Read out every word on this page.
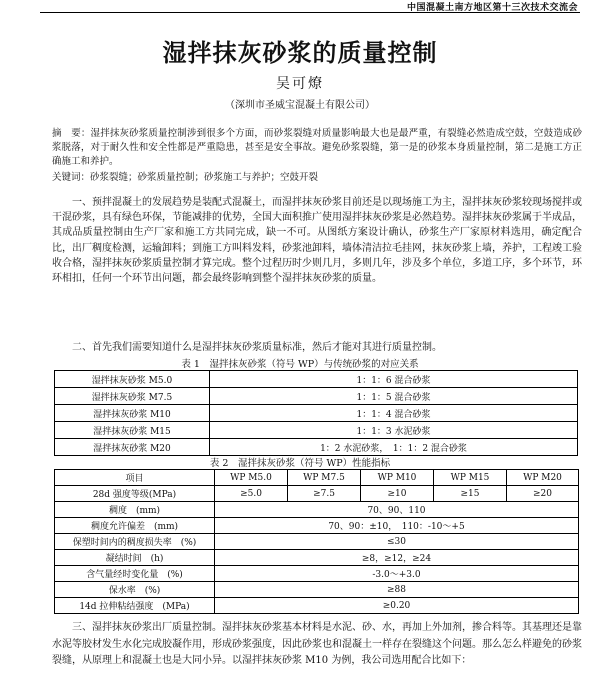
中国混凝土南方地区第十三次技术交流会
湿拌抹灰砂浆的质量控制
吴可燎
（深圳市圣威宝混凝土有限公司）

摘　要：湿拌抹灰砂浆质量控制涉到很多个方面，而砂浆裂缝对质量影响最大也是最严重，有裂缝必然造成空鼓，空鼓造成砂浆脱落，对于耐久性和安全性都是严重隐患，甚至是安全事故。避免砂浆裂缝，第一是的砂浆本身质量控制，第二是施工方正确施工和养护。

关键词：砂浆裂缝；砂浆质量控制；砂浆施工与养护；空鼓开裂

一、预拌混凝土的发展趋势是装配式混凝土，而湿拌抹灰砂浆目前还是以现场施工为主，湿拌抹灰砂浆较现场搅拌或干混砂浆，具有绿色环保，节能减排的优势，全国大面积推广使用湿拌抹灰砂浆是必然趋势。湿拌抹灰砂浆属于半成品，其成品质量控制由生产厂家和施工方共同完成，缺一不可。从图纸方案设计确认，砂浆生产厂家原材料选用，确定配合比，出厂稠度检测，运输卸料；到施工方叫料发料，砂浆池卸料，墙体清洁拉毛挂网，抹灰砂浆上墙，养护，工程竣工验收合格，湿拌抹灰砂浆质量控制才算完成。整个过程历时少则几月，多则几年，涉及多个单位，多道工序，多个环节，环环相扣，任何一个环节出问题，都会最终影响到整个湿拌抹灰砂浆的质量。

二、首先我们需要知道什么是湿拌抹灰砂浆质量标准，然后才能对其进行质量控制。

表 1　湿拌抹灰砂浆（符号 WP）与传统砂浆的对应关系
湿拌抹灰砂浆 M5.0	1：1：6 混合砂浆
湿拌抹灰砂浆 M7.5	1：1：5 混合砂浆
湿拌抹灰砂浆 M10	1：1：4 混合砂浆
湿拌抹灰砂浆 M15	1：1：3 水泥砂浆
湿拌抹灰砂浆 M20	1：2 水泥砂浆，　1：1：2 混合砂浆
表 2　湿拌抹灰砂浆（符号 WP）性能指标
项目	WP M5.0	WP M7.5	WP M10	WP M15	WP M20
28d 强度等级(MPa)	≥5.0	≥7.5	≥10	≥15	≥20
稠度　(mm)	70、90、110				
稠度允许偏差　(mm)	70、90：±10，　110：-10～+5				
保塑时间内的稠度损失率　(%)	≤30				
凝结时间　(h)	≥8，≥12，≥24				
含气量经时变化量　(%)	-3.0～+3.0				
保水率　(%)	≥88				
14d 拉伸粘结强度　(MPa)	≥0.20				

三、湿拌抹灰砂浆出厂质量控制。湿拌抹灰砂浆基本材料是水泥、砂、水，再加上外加剂，掺合料等。其基理还是靠水泥等胶材发生水化完成胶凝作用，形成砂浆强度，因此砂浆也和混凝土一样存在裂缝这个问题。那么怎么样避免的砂浆裂缝，从原理上和混凝土也是大同小异。以湿拌抹灰砂浆 M10 为例，我公司选用配合比如下：
